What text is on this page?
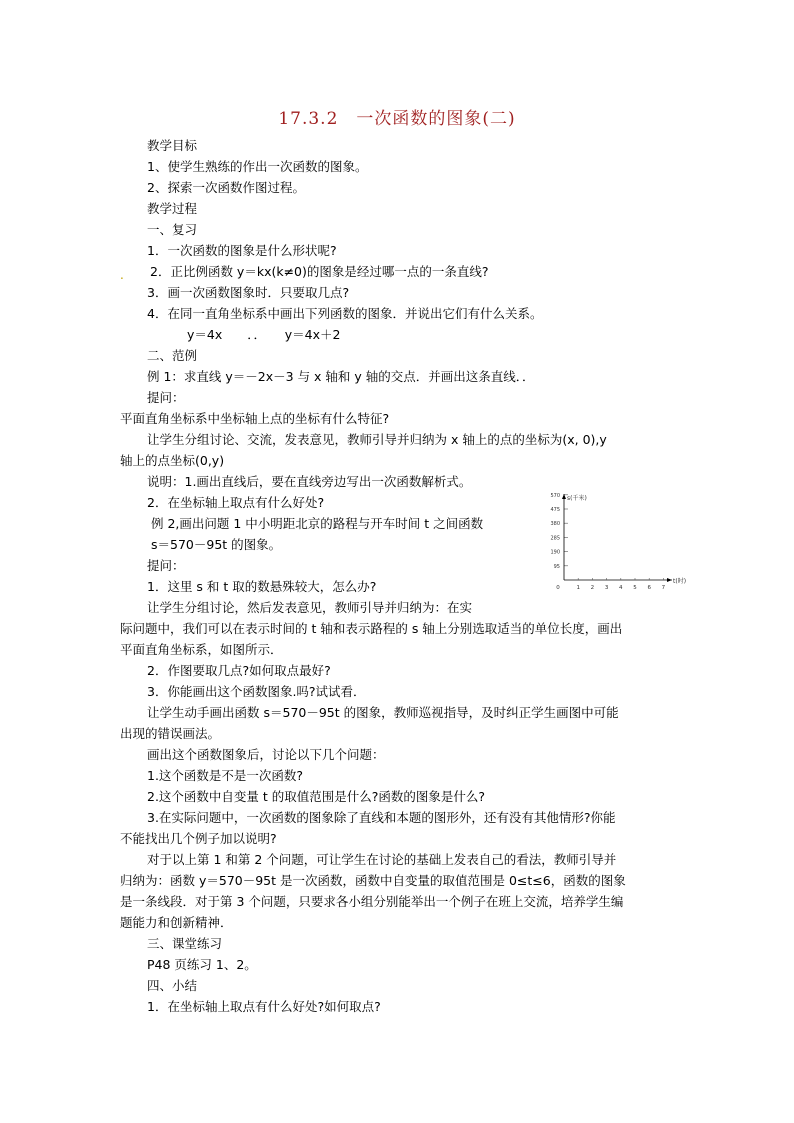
17.3.2　一次函数的图象(二)
.
教学目标
1、使学生熟练的作出一次函数的图象。
2、探索一次函数作图过程。
教学过程
一、复习
1．一次函数的图象是什么形状呢?
2．正比例函数 y＝kx(k≠0)的图象是经过哪一点的一条直线?
3．画一次函数图象时．只要取几点?
4．在同一直角坐标系中画出下列函数的图象．并说出它们有什么关系。
y＝4x　　．．　　y＝4x＋2
二、范例
例 1：求直线 y＝－2x－3 与 x 轴和 y 轴的交点．并画出这条直线．．
提问：
平面直角坐标系中坐标轴上点的坐标有什么特征?
让学生分组讨论、交流，发表意见，教师引导并归纳为 x 轴上的点的坐标为(x, 0),y
轴上的点坐标(0,y)
说明：1.画出直线后，要在直线旁边写出一次函数解析式。
2．在坐标轴上取点有什么好处?
例 2,画出问题 1 中小明距北京的路程与开车时间 t 之间函数
s＝570－95t 的图象。
提问：
1．这里 s 和 t 取的数悬殊较大，怎么办?
让学生分组讨论，然后发表意见，教师引导并归纳为：在实
际问题中，我们可以在表示时间的 t 轴和表示路程的 s 轴上分别选取适当的单位长度，画出
平面直角坐标系，如图所示．
2．作图要取几点?如何取点最好?
3．你能画出这个函数图象.吗?试试看．
让学生动手画出函数 s＝570－95t 的图象，教师巡视指导，及时纠正学生画图中可能
出现的错误画法。
画出这个函数图象后，讨论以下几个问题：
1.这个函数是不是一次函数?
2.这个函数中自变量 t 的取值范围是什么?函数的图象是什么?
3.在实际问题中，一次函数的图象除了直线和本题的图形外，还有没有其他情形?你能
不能找出几个例子加以说明?
对于以上第 1 和第 2 个问题，可让学生在讨论的基础上发表自己的看法，教师引导并
归纳为：函数 y＝570－95t 是一次函数，函数中自变量的取值范围是 0≤t≤6，函数的图象
是一条线段．对于第 3 个问题，只要求各小组分别能举出一个例子在班上交流，培养学生编
题能力和创新精神．
三、课堂练习
P48 页练习 1、2。
四、小结
1．在坐标轴上取点有什么好处?如何取点?
570
475
380
285
190
95
0	1 2 3 4 5 6 7
s(千米)
t(时)
